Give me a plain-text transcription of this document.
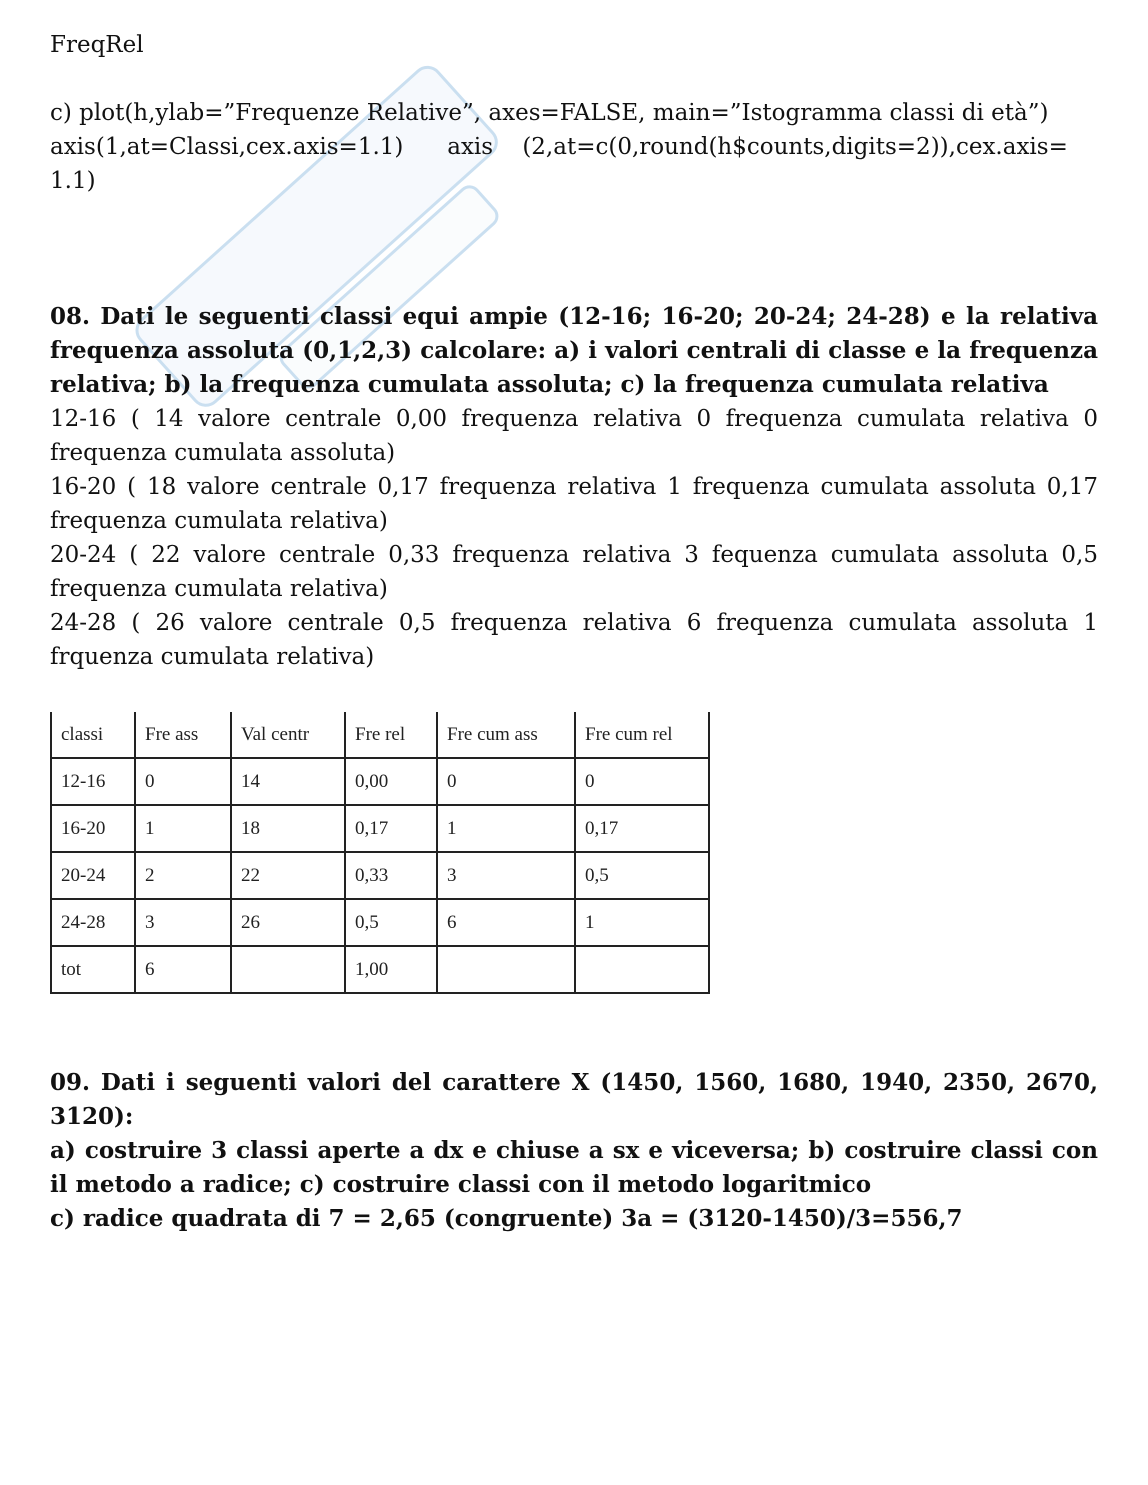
FreqRel
c) plot(h,ylab=”Frequenze Relative”, axes=FALSE, main=”Istogramma classi di età”)
axis(1,at=Classi,cex.axis=1.1)      axis    (2,at=c(0,round(h$counts,digits=2)),cex.axis=
1.1)

08. Dati le seguenti classi equi ampie (12-16; 16-20; 20-24; 24-28) e la relativa frequenza assoluta (0,1,2,3) calcolare: a) i valori centrali di classe e la frequenza relativa; b) la frequenza cumulata assoluta; c) la frequenza cumulata relativa

12-16 ( 14 valore centrale 0,00 frequenza relativa 0 frequenza cumulata relativa 0 frequenza cumulata assoluta)

16-20 ( 18 valore centrale 0,17 frequenza relativa 1 frequenza cumulata assoluta 0,17 frequenza cumulata relativa)

20-24 ( 22 valore centrale 0,33 frequenza relativa 3 fequenza cumulata assoluta 0,5 frequenza cumulata relativa)

24-28 ( 26 valore centrale 0,5 frequenza relativa 6 frequenza cumulata assoluta 1 frquenza cumulata relativa)

classi	Fre ass	Val centr	Fre rel	Fre cum ass	Fre cum rel
12-16	0	14	0,00	0	0
16-20	1	18	0,17	1	0,17
20-24	2	22	0,33	3	0,5
24-28	3	26	0,5	6	1
tot	6		1,00		

09. Dati i seguenti valori del carattere X (1450, 1560, 1680, 1940, 2350, 2670, 3120):

a) costruire 3 classi aperte a dx e chiuse a sx e viceversa; b) costruire classi con il metodo a radice; c) costruire classi con il metodo logaritmico

c) radice quadrata di 7 = 2,65 (congruente) 3a = (3120-1450)/3=556,7
